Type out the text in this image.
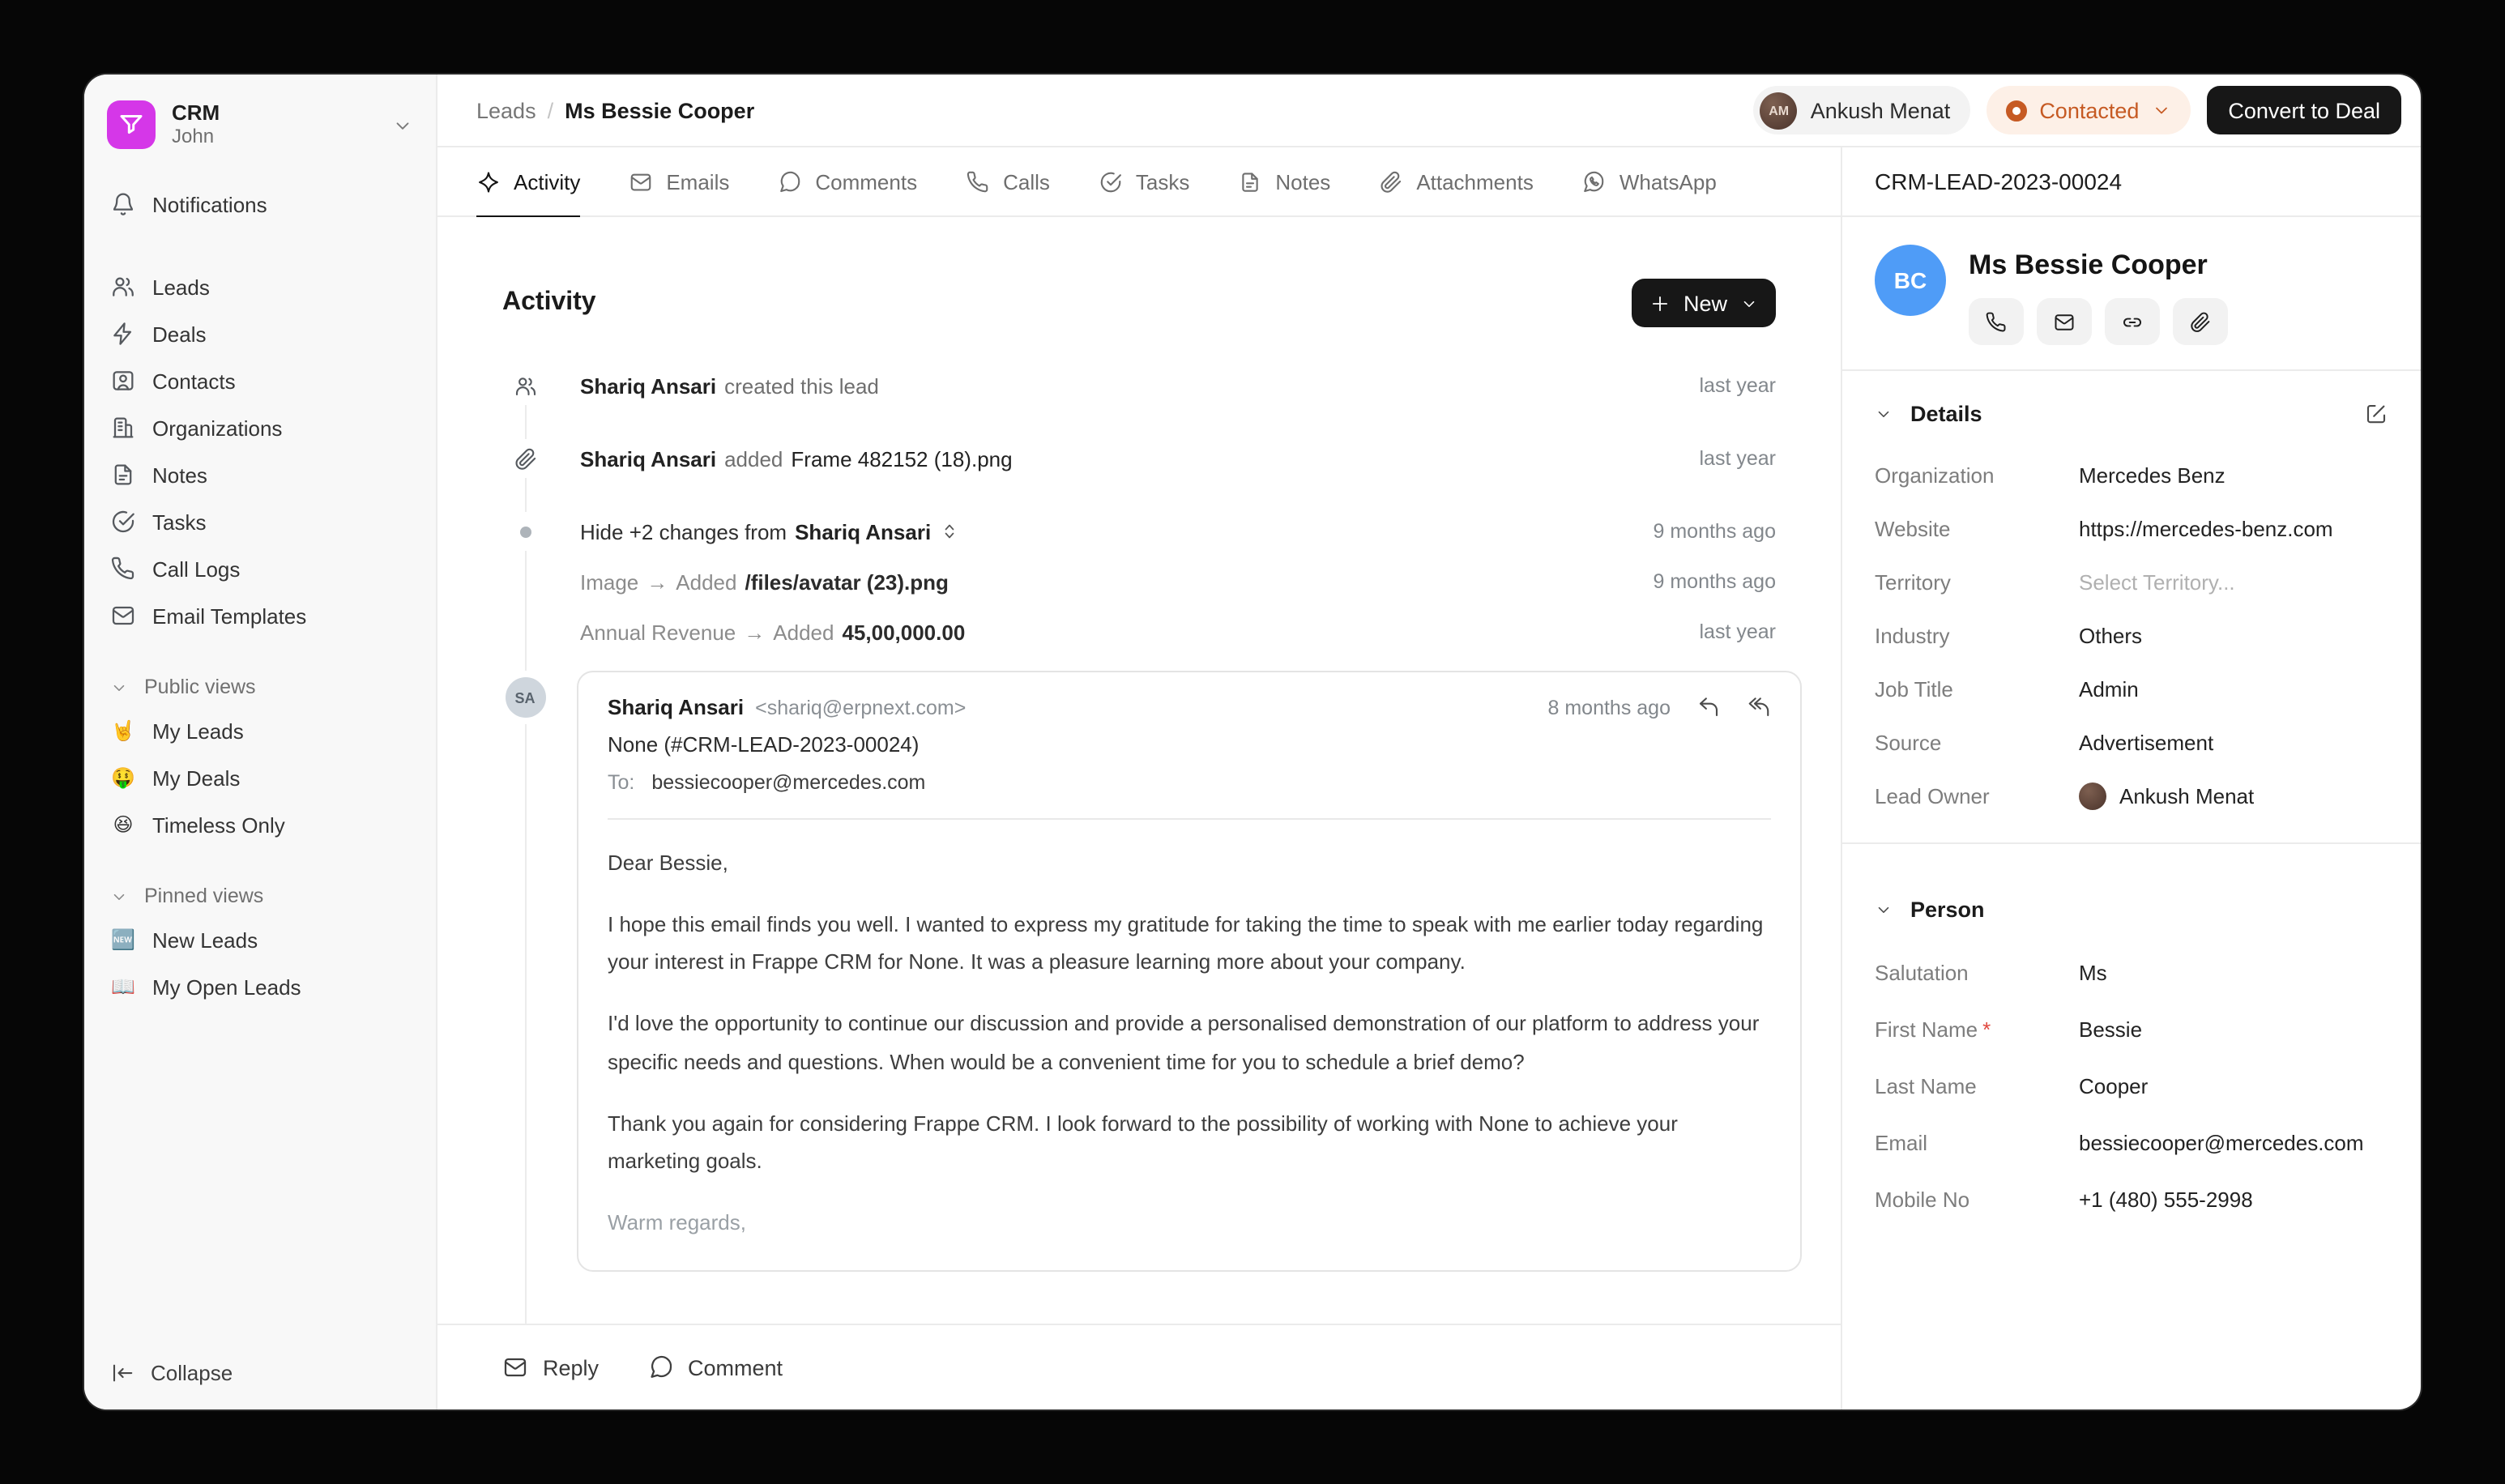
CRM
John
Notifications
Leads
Deals
Contacts
Organizations
Notes
Tasks
Call Logs
Email Templates
Public views
🤘 My Leads
🤑 My Deals
😆 Timeless Only
Pinned views
🆕 New Leads
📖 My Open Leads
Collapse
Leads / Ms Bessie Cooper	AM	Ankush Menat	Contacted	Convert to Deal
Activity	Emails	Comments	Calls	Tasks	Notes	Attachments	WhatsApp
Activity	New
Shariq Ansari created this lead	last year
Shariq Ansari added Frame 482152 (18).png	last year
Hide +2 changes from Shariq Ansari	9 months ago
Image → Added /files/avatar (23).png	9 months ago
Annual Revenue → Added 45,00,000.00	last year
SA	Shariq Ansari <shariq@erpnext.com>	8 months ago
None (#CRM-LEAD-2023-00024)
To: bessiecooper@mercedes.com

Dear Bessie,

I hope this email finds you well. I wanted to express my gratitude for taking the time to speak with me earlier today regarding your interest in Frappe CRM for None. It was a pleasure learning more about your company.

I'd love the opportunity to continue our discussion and provide a personalised demonstration of our platform to address your specific needs and questions. When would be a convenient time for you to schedule a brief demo?

Thank you again for considering Frappe CRM. I look forward to the possibility of working with None to achieve your marketing goals.

Warm regards,

Reply	Comment
CRM-LEAD-2023-00024
BC	Ms Bessie Cooper
Details
Organization	Mercedes Benz
Website	https://mercedes-benz.com
Territory	Select Territory...
Industry	Others
Job Title	Admin
Source	Advertisement
Lead Owner	Ankush Menat
Person
Salutation	Ms
First Name *	Bessie
Last Name	Cooper
Email	bessiecooper@mercedes.com
Mobile No	+1 (480) 555-2998
